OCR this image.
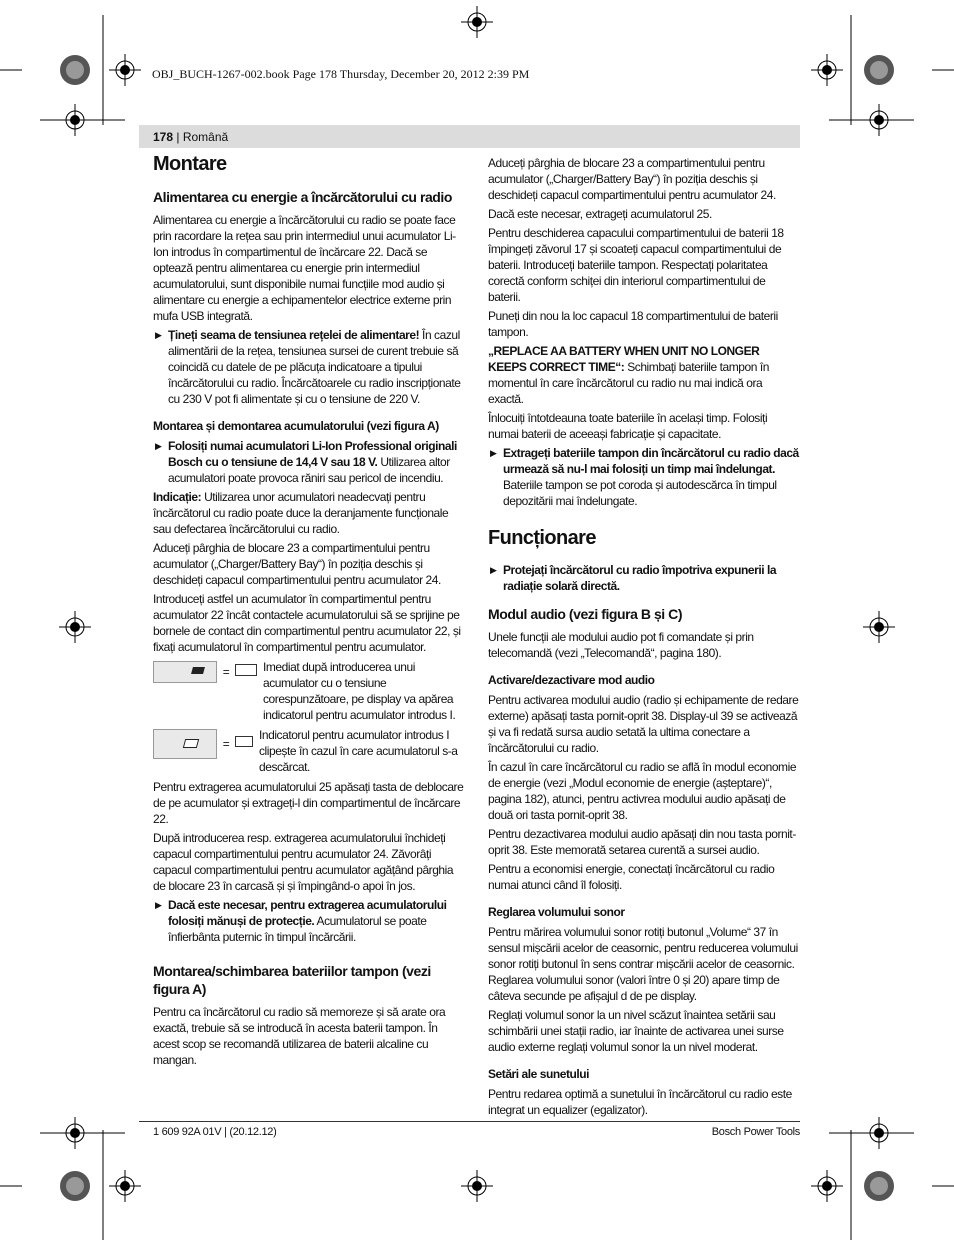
OBJ_BUCH-1267-002.book Page 178 Thursday, December 20, 2012 2:39 PM
178 | Română
Montare
Alimentarea cu energie a încărcătorului cu radio

Alimentarea cu energie a încărcătorului cu radio se poate face prin racordare la rețea sau prin intermediul unui acumulator Li-Ion introdus în compartimentul de încărcare 22. Dacă se optează pentru alimentarea cu energie prin intermediul acumulatorului, sunt disponibile numai funcțiile mod audio și alimentare cu energie a echipamentelor electrice externe prin mufa USB integrată.

▶ Țineți seama de tensiunea rețelei de alimentare! În cazul alimentării de la rețea, tensiunea sursei de curent trebuie să coincidă cu datele de pe plăcuța indicatoare a tipului încărcătorului cu radio. Încărcătoarele cu radio inscripționate cu 230 V pot fi alimentate și cu o tensiune de 220 V.
Montarea și demontarea acumulatorului (vezi figura A)
▶ Folosiți numai acumulatori Li-Ion Professional originali Bosch cu o tensiune de 14,4 V sau 18 V. Utilizarea altor acumulatori poate provoca răniri sau pericol de incendiu.

Indicație: Utilizarea unor acumulatori neadecvați pentru încărcătorul cu radio poate duce la deranjamente funcționale sau defectarea încărcătorului cu radio.

Aduceți pârghia de blocare 23 a compartimentului pentru acumulator („Charger/Battery Bay“) în poziția deschis și deschideți capacul compartimentului pentru acumulator 24.

Introduceți astfel un acumulator în compartimentul pentru acumulator 22 încât contactele acumulatorului să se sprijine pe bornele de contact din compartimentul pentru acumulator 22, și fixați acumulatorul în compartimentul pentru acumulator.

=	Imediat după introducerea unui acumulator cu o tensiune corespunzătoare, pe display va apărea indicatorul pentru acumulator introdus I.
=
Indicatorul pentru acumulator introdus I clipește în cazul în care acumulatorul s-a descărcat.

Pentru extragerea acumulatorului 25 apăsați tasta de deblocare de pe acumulator și extrageți-l din compartimentul de încărcare 22.

După introducerea resp. extragerea acumulatorului închideți capacul compartimentului pentru acumulator 24. Zăvorâți capacul compartimentului pentru acumulator agățând pârghia de blocare 23 în carcasă și și împingând-o apoi în jos.

▶ Dacă este necesar, pentru extragerea acumulatorului folosiți mănuși de protecție. Acumulatorul se poate înfierbânta puternic în timpul încărcării.
Montarea/schimbarea bateriilor tampon (vezi figura A)

Pentru ca încărcătorul cu radio să memoreze și să arate ora exactă, trebuie să se introducă în acesta baterii tampon. În acest scop se recomandă utilizarea de baterii alcaline cu mangan.

Aduceți pârghia de blocare 23 a compartimentului pentru acumulator („Charger/Battery Bay“) în poziția deschis și deschideți capacul compartimentului pentru acumulator 24.

Dacă este necesar, extrageți acumulatorul 25.

Pentru deschiderea capacului compartimentului de baterii 18 împingeți zăvorul 17 și scoateți capacul compartimentului de baterii. Introduceți bateriile tampon. Respectați polaritatea corectă conform schiței din interiorul compartimentului de baterii.

Puneți din nou la loc capacul 18 compartimentului de baterii tampon.

„REPLACE AA BATTERY WHEN UNIT NO LONGER KEEPS CORRECT TIME“: Schimbați bateriile tampon în momentul în care încărcătorul cu radio nu mai indică ora exactă.

Înlocuiți întotdeauna toate bateriile în același timp. Folosiți numai baterii de aceeași fabricație și capacitate.

▶ Extrageți bateriile tampon din încărcătorul cu radio dacă urmează să nu-l mai folosiți un timp mai îndelungat.
Bateriile tampon se pot coroda și autodescărca în timpul depozitării mai îndelungate.
Funcționare
▶ Protejați încărcătorul cu radio împotriva expunerii la radiație solară directă.
Modul audio (vezi figura B și C)

Unele funcții ale modului audio pot fi comandate și prin telecomandă (vezi „Telecomandă“, pagina 180).

Activare/dezactivare mod audio

Pentru activarea modului audio (radio și echipamente de redare externe) apăsați tasta pornit-oprit 38. Display-ul 39 se activează și va fi redată sursa audio setată la ultima conectare a încărcătorului cu radio.

În cazul în care încărcătorul cu radio se află în modul economie de energie (vezi „Modul economie de energie (așteptare)“, pagina 182), atunci, pentru activrea modului audio apăsați de două ori tasta pornit-oprit 38.

Pentru dezactivarea modului audio apăsați din nou tasta pornit-oprit 38. Este memorată setarea curentă a sursei audio.

Pentru a economisi energie, conectați încărcătorul cu radio numai atunci când îl folosiți.

Reglarea volumului sonor

Pentru mărirea volumului sonor rotiți butonul „Volume“ 37 în sensul mișcării acelor de ceasornic, pentru reducerea volumului sonor rotiți butonul în sens contrar mișcării acelor de ceasornic. Reglarea volumului sonor (valori între 0 și 20) apare timp de câteva secunde pe afișajul d de pe display.

Reglați volumul sonor la un nivel scăzut înaintea setării sau schimbării unei stații radio, iar înainte de activarea unei surse audio externe reglați volumul sonor la un nivel moderat.

Setări ale sunetului

Pentru redarea optimă a sunetului în încărcătorul cu radio este integrat un equalizer (egalizator).

1 609 92A 01V | (20.12.12)	Bosch Power Tools
